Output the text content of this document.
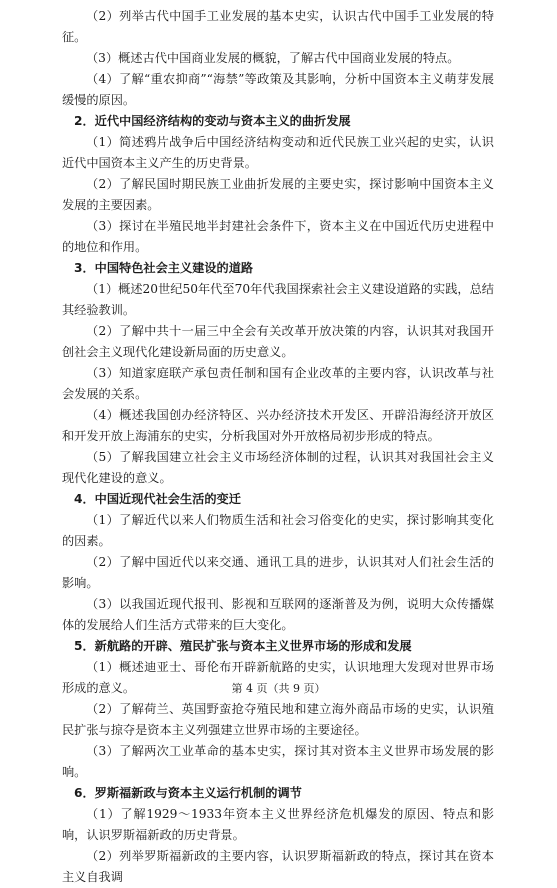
（2）列举古代中国手工业发展的基本史实，认识古代中国手工业发展的特征。

（3）概述古代中国商业发展的概貌，了解古代中国商业发展的特点。

（4）了解“重农抑商”“海禁”等政策及其影响，分析中国资本主义萌芽发展缓慢的原因。

2．近代中国经济结构的变动与资本主义的曲折发展

（1）简述鸦片战争后中国经济结构变动和近代民族工业兴起的史实，认识近代中国资本主义产生的历史背景。

（2）了解民国时期民族工业曲折发展的主要史实，探讨影响中国资本主义发展的主要因素。

（3）探讨在半殖民地半封建社会条件下，资本主义在中国近代历史进程中的地位和作用。

3．中国特色社会主义建设的道路

（1）概述20世纪50年代至70年代我国探索社会主义建设道路的实践，总结其经验教训。

（2）了解中共十一届三中全会有关改革开放决策的内容，认识其对我国开创社会主义现代化建设新局面的历史意义。

（3）知道家庭联产承包责任制和国有企业改革的主要内容，认识改革与社会发展的关系。

（4）概述我国创办经济特区、兴办经济技术开发区、开辟沿海经济开放区和开发开放上海浦东的史实，分析我国对外开放格局初步形成的特点。

（5）了解我国建立社会主义市场经济体制的过程，认识其对我国社会主义现代化建设的意义。

4．中国近现代社会生活的变迁

（1）了解近代以来人们物质生活和社会习俗变化的史实，探讨影响其变化的因素。

（2）了解中国近代以来交通、通讯工具的进步，认识其对人们社会生活的影响。

（3）以我国近现代报刊、影视和互联网的逐渐普及为例，说明大众传播媒体的发展给人们生活方式带来的巨大变化。

5．新航路的开辟、殖民扩张与资本主义世界市场的形成和发展

（1）概述迪亚士、哥伦布开辟新航路的史实，认识地理大发现对世界市场形成的意义。

（2）了解荷兰、英国野蛮抢夺殖民地和建立海外商品市场的史实，认识殖民扩张与掠夺是资本主义列强建立世界市场的主要途径。

（3）了解两次工业革命的基本史实，探讨其对资本主义世界市场发展的影响。

6．罗斯福新政与资本主义运行机制的调节

（1）了解1929～1933年资本主义世界经济危机爆发的原因、特点和影响，认识罗斯福新政的历史背景。

（2）列举罗斯福新政的主要内容，认识罗斯福新政的特点，探讨其在资本主义自我调

第 4 页（共 9 页）
